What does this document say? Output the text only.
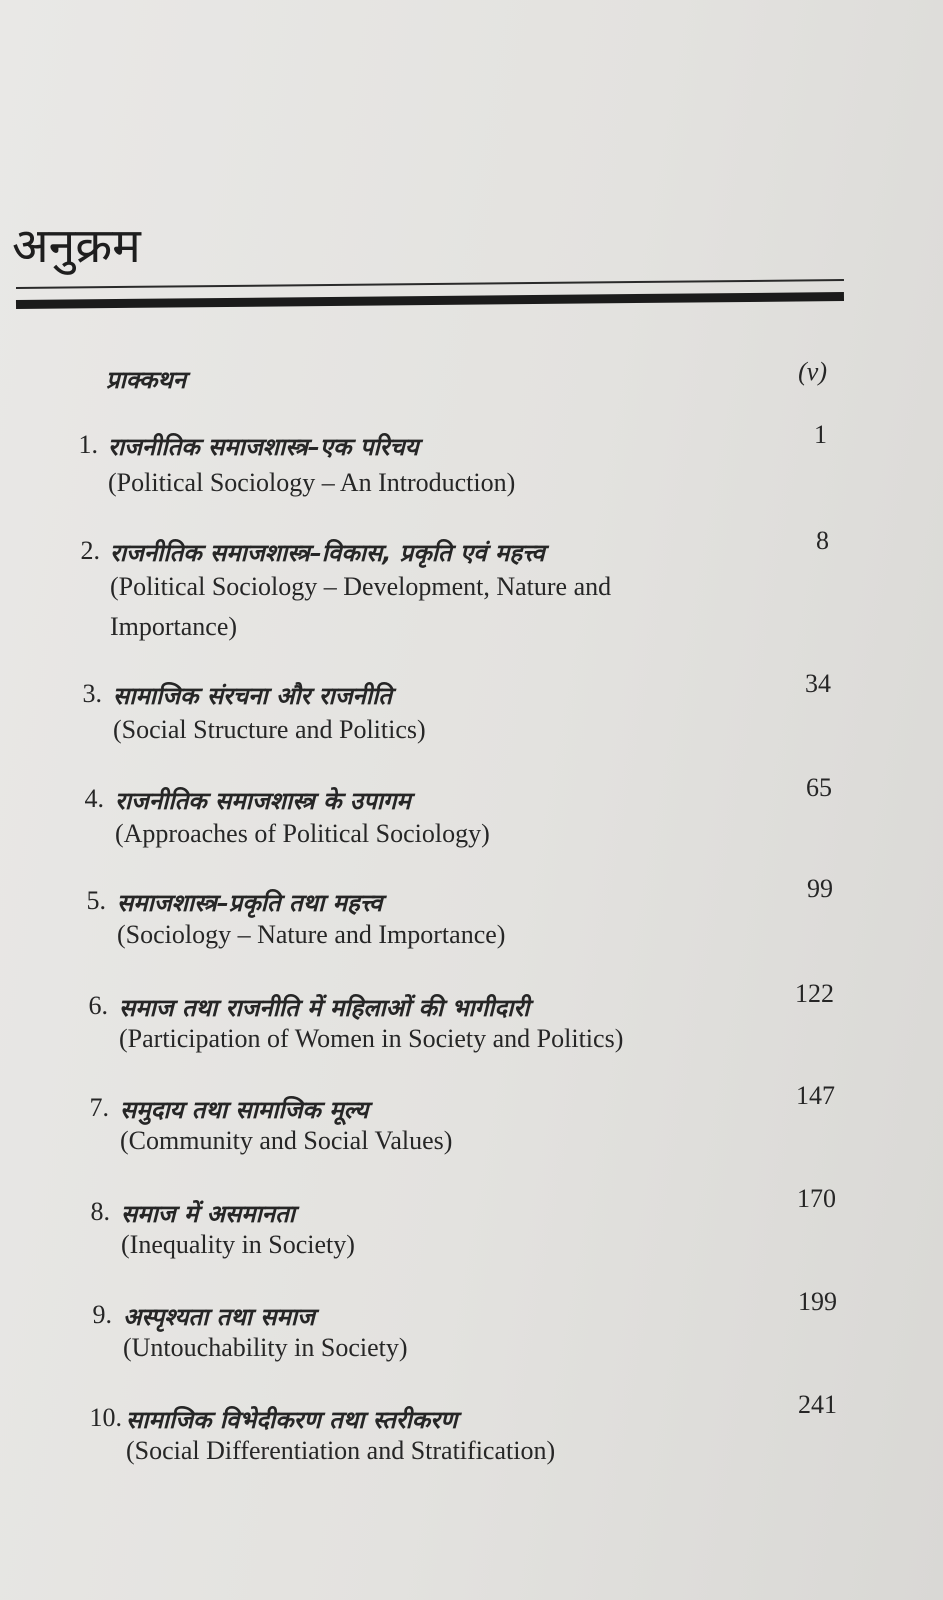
अनुक्रम
प्राक्कथन	(v)
1. राजनीतिक समाजशास्त्र–एक परिचय
(Political Sociology – An Introduction)
1
2. राजनीतिक समाजशास्त्र–विकास, प्रकृति एवं महत्त्व
(Political Sociology – Development, Nature and Importance)
8
3. सामाजिक संरचना और राजनीति
(Social Structure and Politics)
34
4. राजनीतिक समाजशास्त्र के उपागम
(Approaches of Political Sociology)
65
5. समाजशास्त्र–प्रकृति तथा महत्त्व
(Sociology – Nature and Importance)
99
6. समाज तथा राजनीति में महिलाओं की भागीदारी
(Participation of Women in Society and Politics)
122
7. समुदाय तथा सामाजिक मूल्य
(Community and Social Values)
147
8. समाज में असमानता
(Inequality in Society)
170
9. अस्पृश्यता तथा समाज
(Untouchability in Society)
199
10. सामाजिक विभेदीकरण तथा स्तरीकरण
(Social Differentiation and Stratification)
241
